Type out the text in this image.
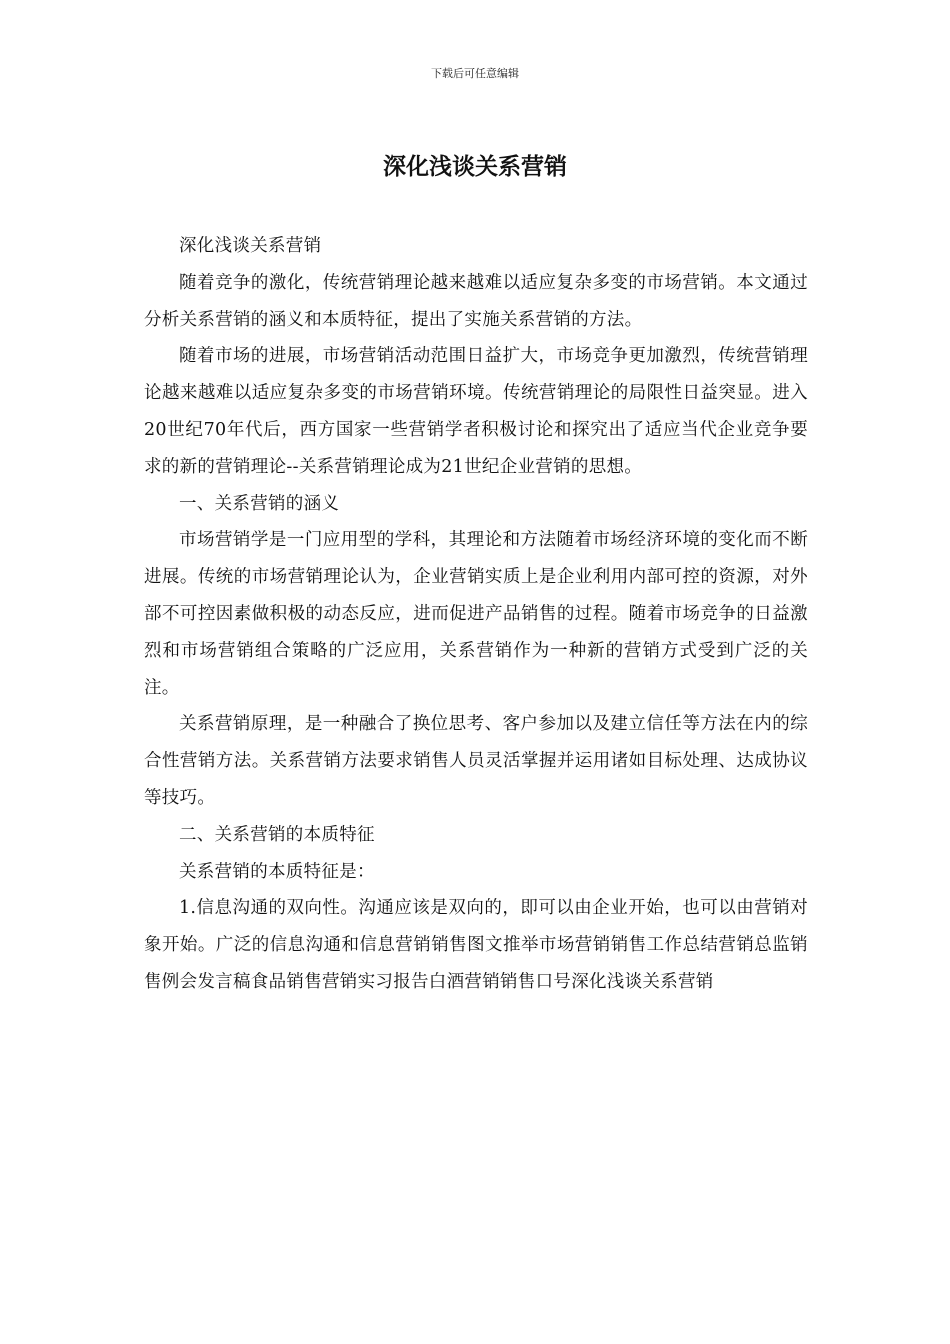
下载后可任意编辑
深化浅谈关系营销

深化浅谈关系营销

随着竞争的激化，传统营销理论越来越难以适应复杂多变的市场营销。本文通过分析关系营销的涵义和本质特征，提出了实施关系营销的方法。

随着市场的进展，市场营销活动范围日益扩大，市场竞争更加激烈，传统营销理论越来越难以适应复杂多变的市场营销环境。传统营销理论的局限性日益突显。进入20世纪70年代后，西方国家一些营销学者积极讨论和探究出了适应当代企业竞争要求的新的营销理论--关系营销理论成为21世纪企业营销的思想。

一、关系营销的涵义

市场营销学是一门应用型的学科，其理论和方法随着市场经济环境的变化而不断进展。传统的市场营销理论认为，企业营销实质上是企业利用内部可控的资源，对外部不可控因素做积极的动态反应，进而促进产品销售的过程。随着市场竞争的日益激烈和市场营销组合策略的广泛应用，关系营销作为一种新的营销方式受到广泛的关注。

关系营销原理，是一种融合了换位思考、客户参加以及建立信任等方法在内的综合性营销方法。关系营销方法要求销售人员灵活掌握并运用诸如目标处理、达成协议等技巧。

二、关系营销的本质特征

关系营销的本质特征是：

1.信息沟通的双向性。沟通应该是双向的，即可以由企业开始，也可以由营销对象开始。广泛的信息沟通和信息营销销售图文推举市场营销销售工作总结营销总监销售例会发言稿食品销售营销实习报告白酒营销销售口号深化浅谈关系营销
